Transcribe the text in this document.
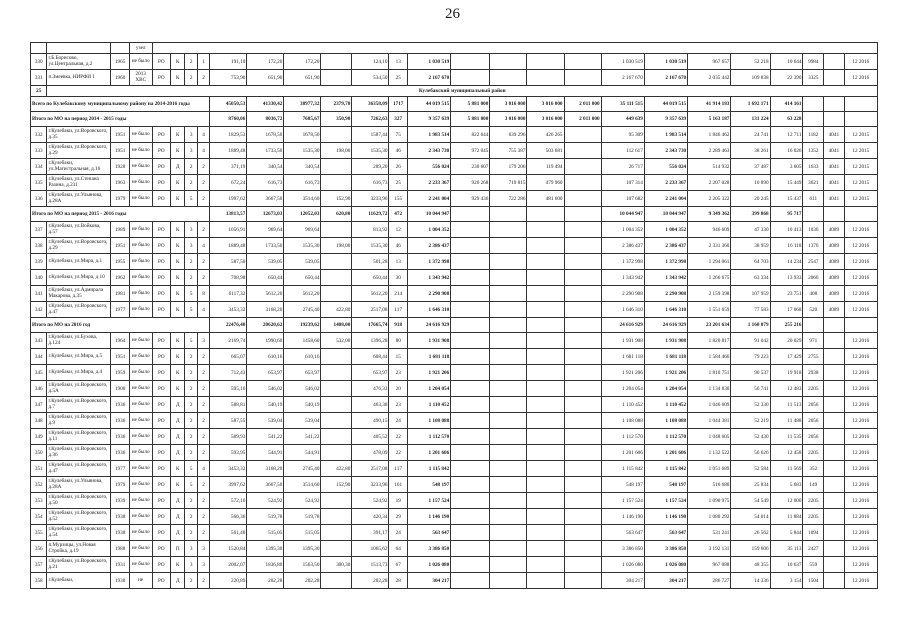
26
			узел																							
330	г.Б.Борисово, ул.Центральная, д.2	1965	не было	РО	К	2	1	191,10	172,20	172,20		124,10	13	1 030 519					1 030 519	1 030 519	967 657	52 218	10 644	9984		12 2016
331	п.Змеевка, НИРФИ 1	1960	2013 ХВС	РО	К	2	2	753,90	651,90	651,90		534,50	25	2 167 670					2 167 670	2 167 670	2 035 442	109 838	22 390	3325		12 2016
25	Кулебакский муниципальный район																									
Всего по Кулебакскому муниципальному району на 2014-2016 годы								45050,53	41330,42	38977,32	2379,70	36358,09	1717	44 019 515	5 881 000	3 016 000	3 016 000	2 011 000	35 111 515	44 019 515	41 914 183	1 692 171	414 161			
Итого по МО на период 2014 - 2015 годы								8760,06	8036,72	7685,67	350,90	7262,63	327	9 357 639	5 881 000	3 016 000	3 016 000	2 011 000	449 639	9 357 639	5 163 187	131 224	63 228			
332	г.Кулебаки, ул.Воровского, д.35	1951	не было	РО	К	3	4	1829,53	1678,50	1678,50		1587,44	75	1 983 514	822 644	639 296	426 265		95 309	1 983 514	1 846 462	24 741	12 711	1182	4041	12 2015
333	г.Кулебаки, ул.Воровского, д.29	1951	не было	РО	К	3	4	1889,48	1733,50	1535,30	198,00	1535,30	46	2 343 730	972 045	755 387	503 681		112 617	2 343 730	2 289 463	38 261	16 026	1352	4041	12 2015
334	г.Кулебаки, ул.Магистральная, д.16	1928	не было	РО	Д	2	2	371,19	340,54	340,54		289,20	26	556 024	230 607	179 206	119 494		26 717	556 024	514 932	37 487	3 605	1633	4041	12 2015
335	г.Кулебаки, ул.Степана Разина, д.231	1963	не было	РО	К	2	2	672,24	616,73	616,73		616,73	25	2 233 367	926 268	719 815	479 960		107 314	2 233 367	2 207 028	10 890	15 449	3621	4041	12 2015
336	г.Кулебаки, ул.Ульянова, д.28А	1979	не было	РО	К	5	2	1997,62	3667,50	3514,60	152,90	3233,96	155	2 241 004	929 436	722 286	481 600		107 682	2 241 004	2 205 322	20 245	15 437	611	4041	12 2015
Итого по МО на период 2015 - 2016 годы								13813,57	12673,03	12052,03	620,80	11629,72	472	10 044 947					10 044 947	10 044 947	9 349 362	399 868	95 717			
337	г.Кулебаки, ул.Войкова, д.57	1989	не было	РО	К	3	2	1056,91	969,64	969,64		813,92	12	1 004 352					1 004 352	1 004 352	946 609	47 330	10 413	1036	4089	12 2016
338	г.Кулебаки, ул.Воровского, д.29	1951	не было	РО	К	3	4	1889,48	1733,50	1535,30	198,00	1535,30	46	2 386 437					2 386 437	2 386 437	2 331 360	38 959	16 118	1376	4089	12 2016
339	г.Кулебаки, ул.Мира, д.1	1955	не было	РО	К	2	2	587,50	539,05	539,05		501,28	13	1 372 998					1 372 998	1 372 998	1 294 061	64 703	14 234	2547	4089	12 2016
340	г.Кулебаки, ул.Мира, д.10	1962	не было	РО	К	2	2	708,98	650,44	650,44		650,44	30	1 343 942					1 343 942	1 343 942	1 266 675	63 334	13 933	2066	4089	12 2016
341	г.Кулебаки, ул.Адмирала Макарова, д.35	1981	не было	РО	К	5	8	6117,32	5612,20	5612,20		5612,20	214	2 290 908					2 290 908	2 290 908	2 159 398	107 959	23 751	408	4089	12 2016
342	г.Кулебаки, ул.Воровского, д.47	1977	не было	РО	К	5	4	3453,32	3168,20	2745,40	422,80	2517,08	117	1 646 310					1 646 310	1 646 310	1 551 659	77 583	17 068	520	4089	12 2016
Итого по МО на 2016 год								22476,40	20620,62	19239,62	1408,00	17665,74	918	24 616 929					24 616 929	24 616 929	23 201 634	1 160 079	255 216			
343	г.Кулебаки, ул.Бухова, д.124	1964	не было	РО	К	5	3	2169,74	1990,60	1458,60	532,00	1396,28	80	1 931 908					1 931 908	1 931 908	1 820 817	91 042	20 029	971		12 2016
344	г.Кулебаки, ул.Мира, д.5	1951	не было	РО	К	2	2	665,07	610,16	610,16		608,44	15	1 681 118					1 681 118	1 681 118	1 584 466	79 223	17 429	2755		12 2016
345	г.Кулебаки, ул.Мира, д.4	1959	не было	РО	К	2	2	712,43	653,97	653,97		653,97	23	1 921 206					1 921 206	1 921 206	1 810 751	90 537	19 918	2938		12 2016
346	г.Кулебаки, ул.Воровского, д.5А	1900	не было	РО	К	2	2	595,16	546,02	546,02		476,33	20	1 204 054					1 204 054	1 204 054	1 134 830	56 741	12 483	2205		12 2016
347	г.Кулебаки, ул.Воровского, д.7	1936	не было	РО	Д	2	2	588,81	540,19	540,19		463,38	23	1 110 452					1 110 452	1 110 452	1 046 609	52 330	11 513	2056		12 2016
348	г.Кулебаки, ул.Воровского, д.9	1936	не было	РО	Д	2	2	587,55	539,04	539,04		490,15	24	1 108 088					1 108 088	1 108 088	1 044 381	52 219	11 488	2056		12 2016
349	г.Кулебаки, ул.Воровского, д.11	1936	не было	РО	Д	2	2	589,93	541,22	541,22		405,52	22	1 112 570					1 112 570	1 112 570	1 048 605	52 430	11 535	2056		12 2016
350	г.Кулебаки, ул.Воровского, д.36	1936	не было	РО	Д	2	2	593,95	544,91	544,91		478,09	22	1 201 606					1 201 606	1 201 606	1 132 522	56 626	12 458	2205		12 2016
351	г.Кулебаки, ул.Воровского, д.47	1977	не было	РО	К	5	4	3453,32	3168,20	2745,40	422,80	2517,08	117	1 115 842					1 115 842	1 115 842	1 051 689	52 584	11 569	352		12 2016
352	г.Кулебаки, ул.Ульянова, д.28А	1979	не было	РО	К	5	2	3997,62	3667,50	3514,60	152,90	3233,96	161	548 197					548 197	548 197	516 680	25 834	5 683	149		12 2016
353	г.Кулебаки, ул.Воровского, д.50	1939	не было	РО	Д	2	2	572,16	524,92	524,92		524,92	19	1 157 524					1 157 524	1 157 524	1 090 975	54 549	12 000	2205		12 2016
354	г.Кулебаки, ул.Воровского, д.52	1938	не было	РО	Д	2	2	566,36	519,78	519,78		420,34	29	1 146 190					1 146 190	1 146 190	1 080 292	54 014	11 884	2205		12 2016
355	г.Кулебаки, ул.Воровского, д.54	1938	не было	РО	Д	2	2	561,40	515,05	515,05		391,17	24	563 647					563 647	563 647	531 241	26 562	5 844	1094		12 2016
356	п.Мурзицы, ул.Новая Стройка, д.19	1988	не было	РО	П	3	3	1520,84	1395,30	1395,30		1065,62	64	3 386 850					3 386 850	3 386 850	3 192 131	159 606	35 113	2427		12 2016
357	г.Кулебаки, ул.Воровского, д.21	1931	не было	РО	К	3	3	2002,07	1836,80	1563,50	300,30	1513,73	67	1 026 080					1 026 080	1 026 080	967 088	48 355	10 637	559		12 2016
358	г.Кулебаки,	1930	не	РО	Д	2	2	220,89	202,28	202,28		202,28	28	304 217					304 217	304 217	286 727	14 336	3 154	1504		12 2016
